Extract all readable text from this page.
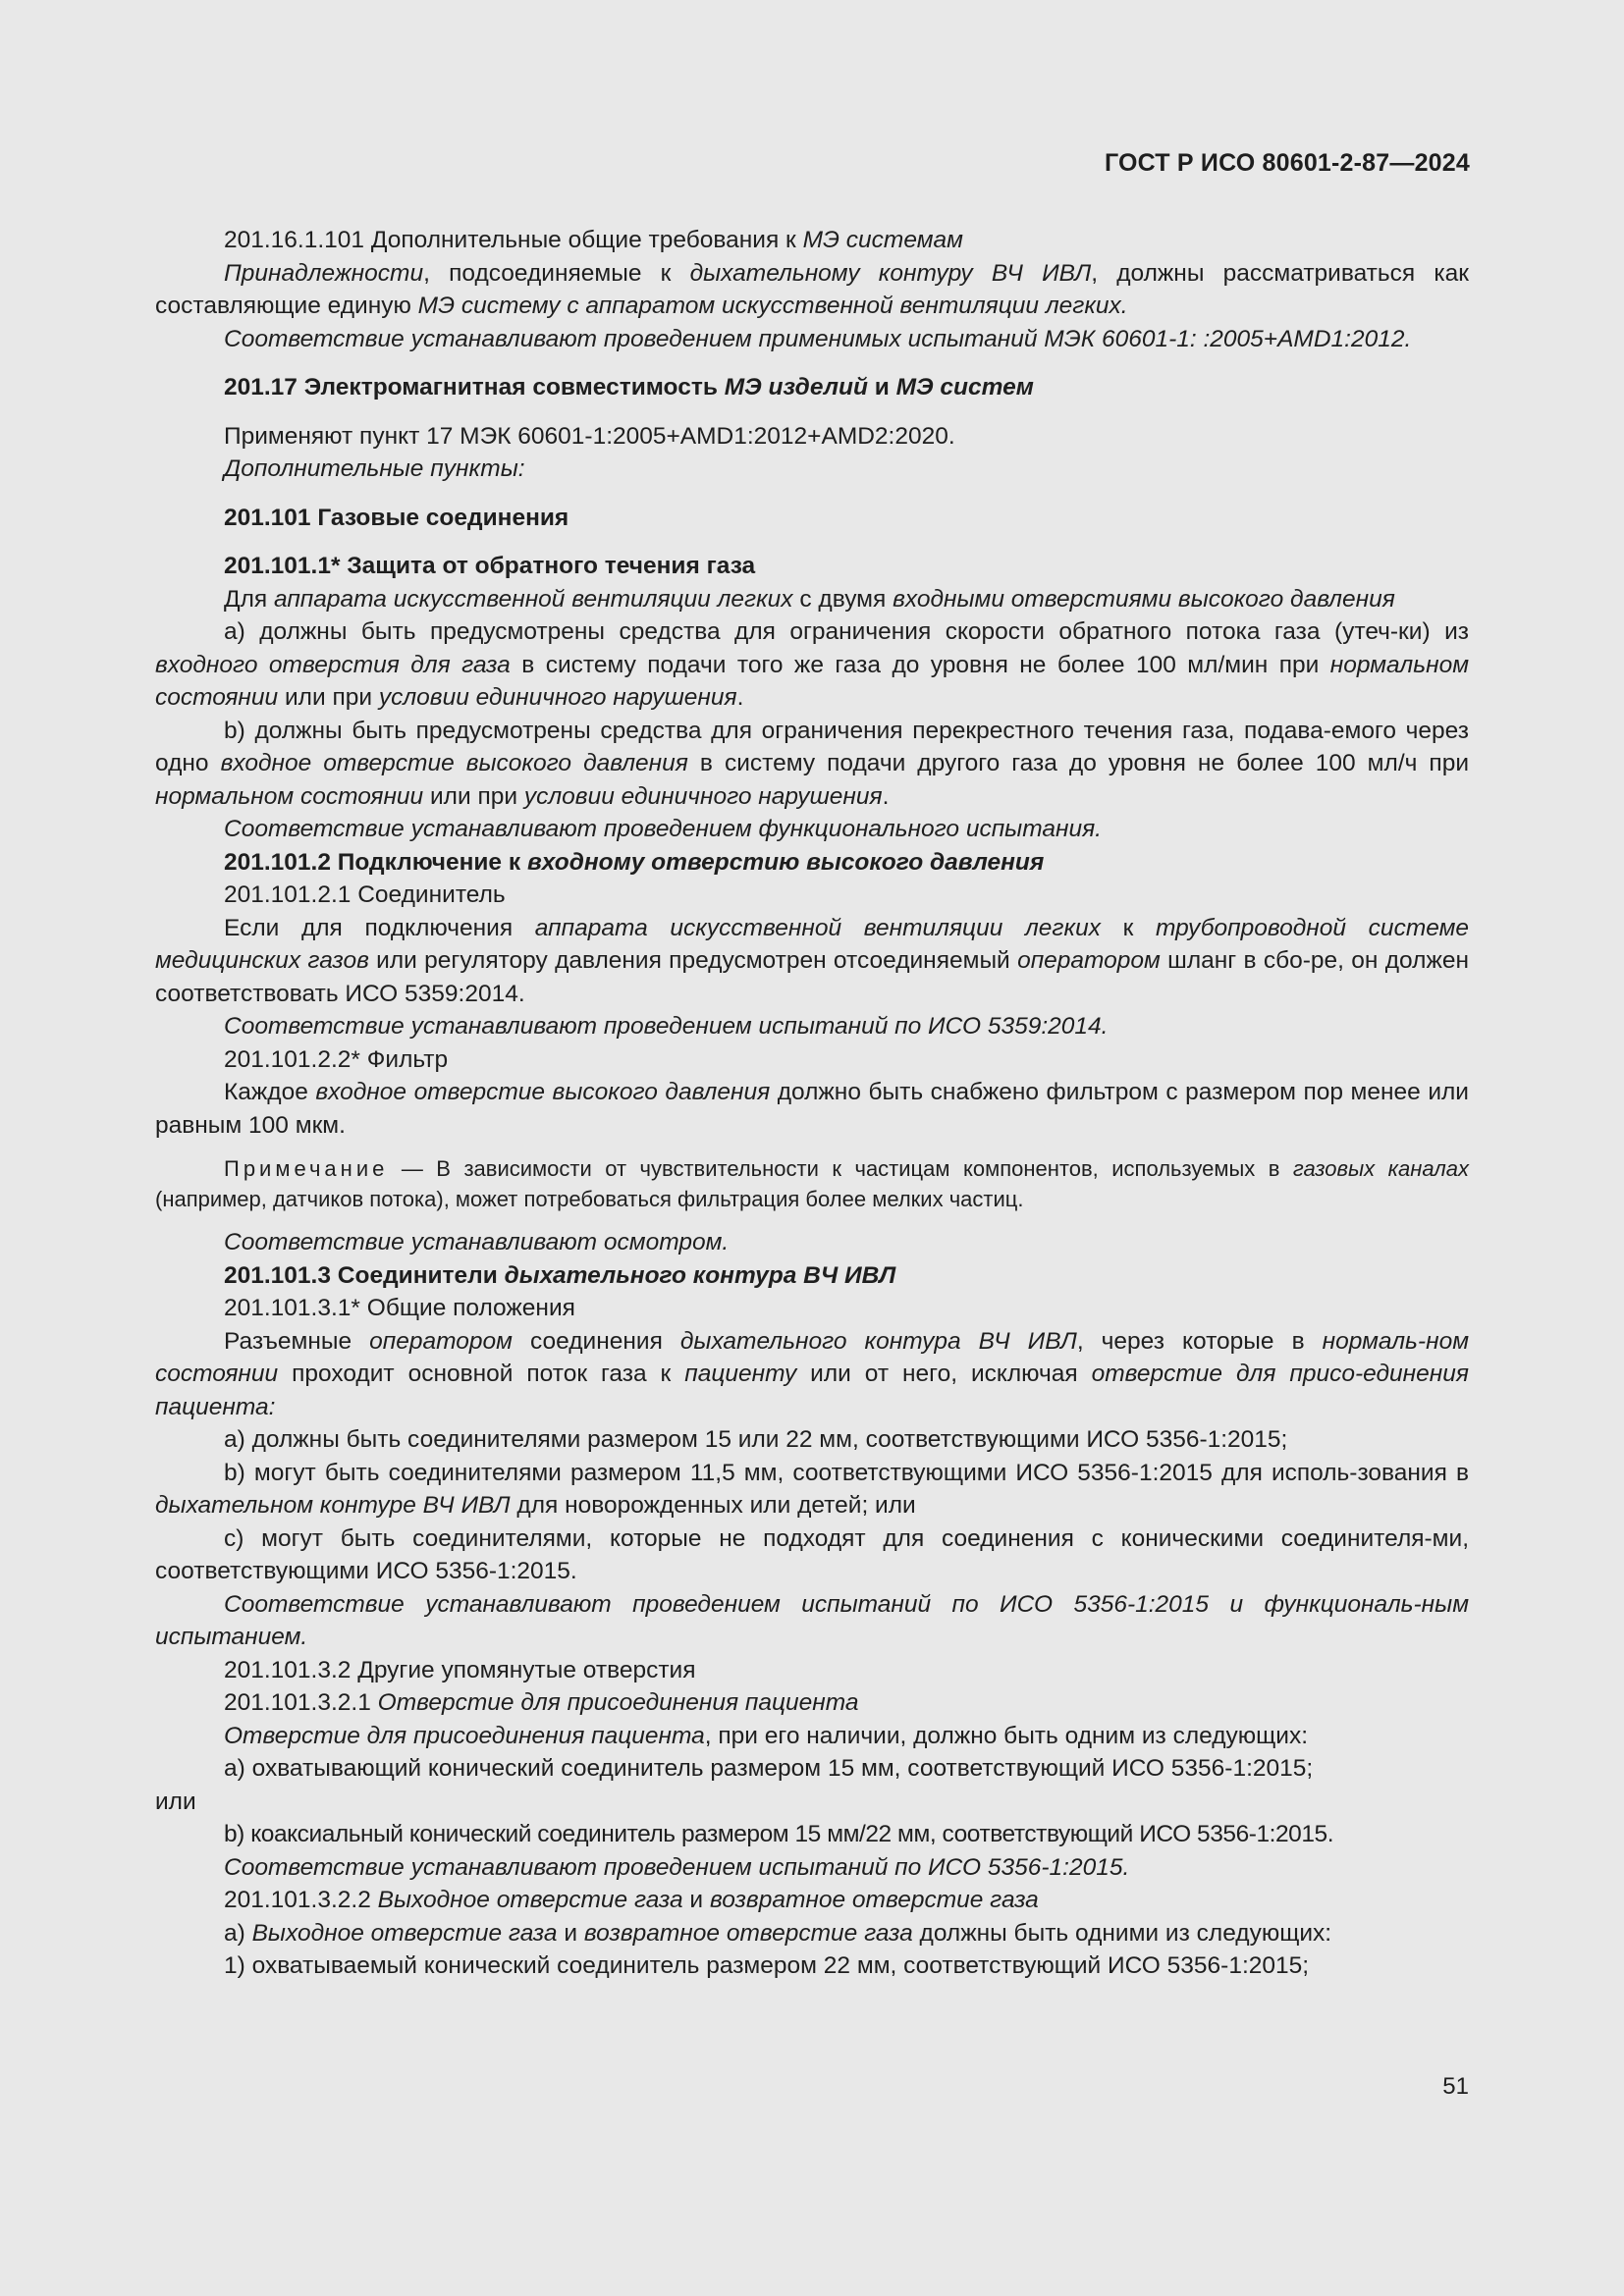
ГОСТ Р ИСО 80601-2-87—2024

201.16.1.101 Дополнительные общие требования к МЭ системам

Принадлежности, подсоединяемые к дыхательному контуру ВЧ ИВЛ, должны рассматриваться как составляющие единую МЭ систему с аппаратом искусственной вентиляции легких.

Соответствие устанавливают проведением применимых испытаний МЭК 60601-1: :2005+AMD1:2012.

201.17 Электромагнитная совместимость МЭ изделий и МЭ систем

Применяют пункт 17 МЭК 60601-1:2005+AMD1:2012+AMD2:2020.

Дополнительные пункты:

201.101 Газовые соединения

201.101.1* Защита от обратного течения газа

Для аппарата искусственной вентиляции легких с двумя входными отверстиями высокого давления

a) должны быть предусмотрены средства для ограничения скорости обратного потока газа (утеч-ки) из входного отверстия для газа в систему подачи того же газа до уровня не более 100 мл/мин при нормальном состоянии или при условии единичного нарушения.

b) должны быть предусмотрены средства для ограничения перекрестного течения газа, подава-емого через одно входное отверстие высокого давления в систему подачи другого газа до уровня не более 100 мл/ч при нормальном состоянии или при условии единичного нарушения.

Соответствие устанавливают проведением функционального испытания.

201.101.2 Подключение к входному отверстию высокого давления

201.101.2.1 Соединитель

Если для подключения аппарата искусственной вентиляции легких к трубопроводной системе медицинских газов или регулятору давления предусмотрен отсоединяемый оператором шланг в сбо-ре, он должен соответствовать ИСО 5359:2014.

Соответствие устанавливают проведением испытаний по ИСО 5359:2014.

201.101.2.2* Фильтр

Каждое входное отверстие высокого давления должно быть снабжено фильтром с размером пор менее или равным 100 мкм.

Примечание — В зависимости от чувствительности к частицам компонентов, используемых в газовых каналах (например, датчиков потока), может потребоваться фильтрация более мелких частиц.

Соответствие устанавливают осмотром.

201.101.3 Соединители дыхательного контура ВЧ ИВЛ

201.101.3.1* Общие положения

Разъемные оператором соединения дыхательного контура ВЧ ИВЛ, через которые в нормаль-ном состоянии проходит основной поток газа к пациенту или от него, исключая отверстие для присо-единения пациента:

a) должны быть соединителями размером 15 или 22 мм, соответствующими ИСО 5356-1:2015;

b) могут быть соединителями размером 11,5 мм, соответствующими ИСО 5356-1:2015 для исполь-зования в дыхательном контуре ВЧ ИВЛ для новорожденных или детей; или

c) могут быть соединителями, которые не подходят для соединения с коническими соединителя-ми, соответствующими ИСО 5356-1:2015.

Соответствие устанавливают проведением испытаний по ИСО 5356-1:2015 и функциональ-ным испытанием.

201.101.3.2 Другие упомянутые отверстия

201.101.3.2.1 Отверстие для присоединения пациента

Отверстие для присоединения пациента, при его наличии, должно быть одним из следующих:

a) охватывающий конический соединитель размером 15 мм, соответствующий ИСО 5356-1:2015;

или

b) коаксиальный конический соединитель размером 15 мм/22 мм, соответствующий ИСО 5356-1:2015.

Соответствие устанавливают проведением испытаний по ИСО 5356-1:2015.

201.101.3.2.2 Выходное отверстие газа и возвратное отверстие газа

a) Выходное отверстие газа и возвратное отверстие газа должны быть одними из следующих:

1) охватываемый конический соединитель размером 22 мм, соответствующий ИСО 5356-1:2015;

51
